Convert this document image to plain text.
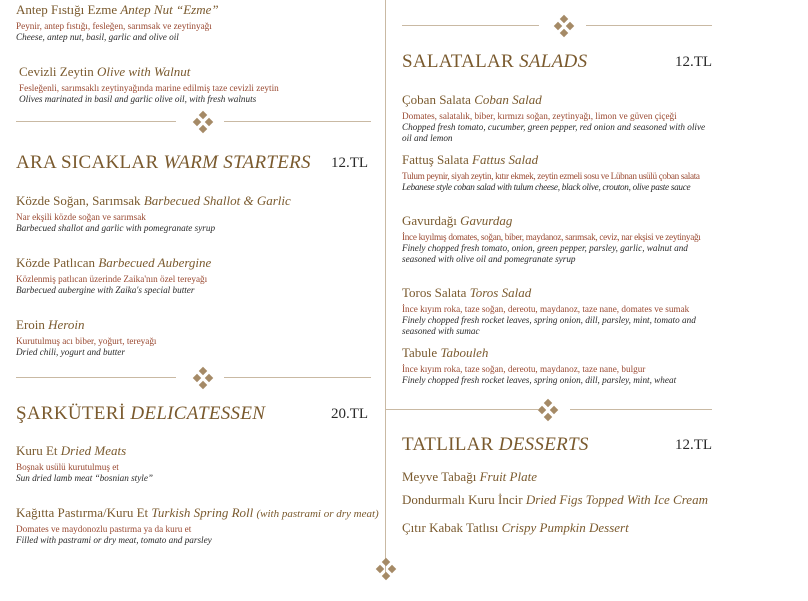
Antep Fıstığı Ezme Antep Nut “Ezme”
Peynir, antep fıstığı, fesleğen, sarımsak ve zeytinyağı
Cheese, antep nut, basil, garlic and olive oil
Cevizli Zeytin Olive with Walnut
Fesleğenli, sarımsaklı zeytinyağında marine edilmiş taze cevizli zeytin
Olives marinated in basil and garlic olive oil, with fresh walnuts
ARA SICAKLAR WARM STARTERS 12.TL
Közde Soğan, Sarımsak Barbecued Shallot & Garlic
Nar ekşili közde soğan ve sarımsak
Barbecued shallot and garlic with pomegranate syrup
Közde Patlıcan Barbecued Aubergine
Közlenmiş patlıcan üzerinde Zaika'nın özel tereyağı
Barbecued aubergine with Zaika's special butter
Eroin Heroin
Kurutulmuş acı biber, yoğurt, tereyağı
Dried chili, yogurt and butter
ŞARKÜTERİ DELICATESSEN	20.TL
Kuru Et Dried Meats
Boşnak usülü kurutulmuş et
Sun dried lamb meat “bosnian style”
Kağıtta Pastırma/Kuru Et Turkish Spring Roll (with pastrami or dry meat)
Domates ve maydonozlu pastırma ya da kuru et
Filled with pastrami or dry meat, tomato and parsley
SALATALAR SALADS	12.TL
Çoban Salata Coban Salad
Domates, salatalık, biber, kırmızı soğan, zeytinyağı, limon ve güven çiçeği
Chopped fresh tomato, cucumber, green pepper, red onion and seasoned with olive oil and lemon
Fattuş Salata Fattus Salad
Tulum peynir, siyah zeytin, kıtır ekmek, zeytin ezmeli sosu ve Lübnan usülü çoban salata
Lebanese style coban salad with tulum cheese, black olive, crouton, olive paste sauce
Gavurdağı Gavurdag
İnce kıyılmış domates, soğan, biber, maydanoz, sarımsak, ceviz, nar ekşisi ve zeytinyağı
Finely chopped fresh tomato, onion, green pepper, parsley, garlic, walnut and seasoned with olive oil and pomegranate syrup
Toros Salata Toros Salad
İnce kıyım roka, taze soğan, dereotu, maydanoz, taze nane, domates ve sumak
Finely chopped fresh rocket leaves, spring onion, dill, parsley, mint, tomato and seasoned with sumac
Tabule Tabouleh
İnce kıyım roka, taze soğan, dereotu, maydanoz, taze nane, bulgur
Finely chopped fresh rocket leaves, spring onion, dill, parsley, mint, wheat
TATLILAR DESSERTS	12.TL
Meyve Tabağı Fruit Plate
Dondurmalı Kuru İncir Dried Figs Topped With Ice Cream
Çıtır Kabak Tatlısı Crispy Pumpkin Dessert
